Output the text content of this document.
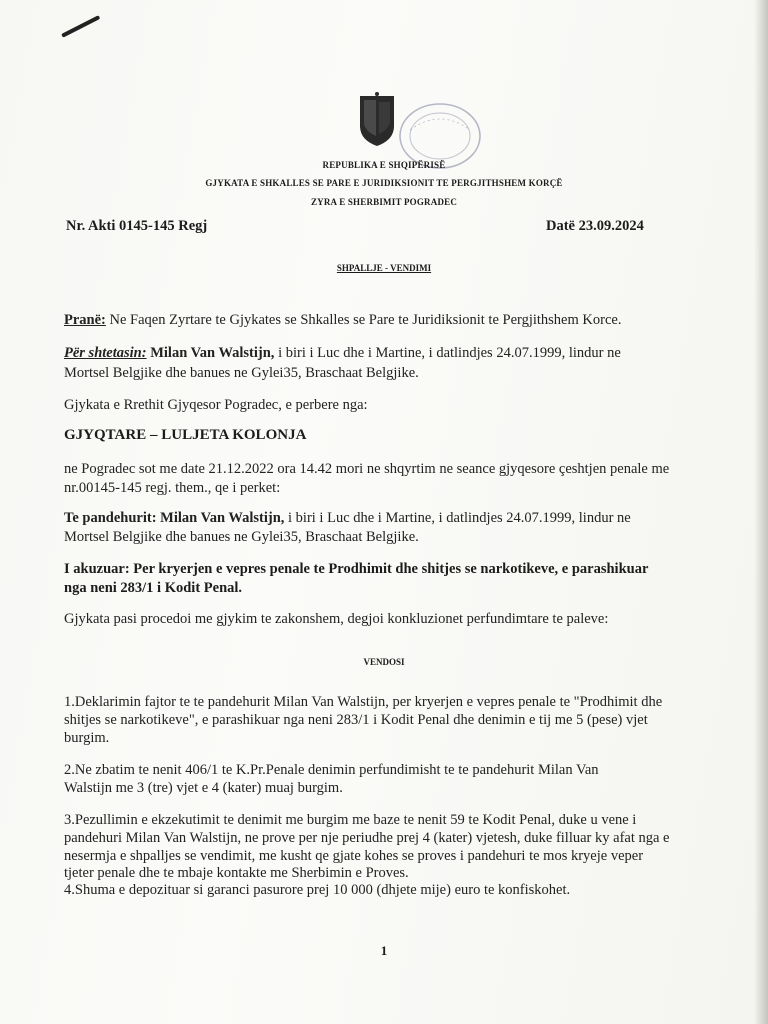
REPUBLIKA E SHQIPËRISË
GJYKATA E SHKALLES SE PARE E JURIDIKSIONIT TE PERGJITHSHEM KORÇË
ZYRA E SHERBIMIT POGRADEC
Nr. Akti 0145-145 Regj	Datë 23.09.2024
SHPALLJE - VENDIMI
Pranë: Ne Faqen Zyrtare te Gjykates se Shkalles se Pare te Juridiksionit te Pergjithshem Korce.
Për shtetasin: Milan Van Walstijn, i biri i Luc dhe i Martine, i datlindjes 24.07.1999, lindur ne
Mortsel Belgjike dhe banues ne Gylei35, Braschaat Belgjike.
Gjykata e Rrethit Gjyqesor Pogradec, e perbere nga:
GJYQTARE – LULJETA KOLONJA
ne Pogradec sot me date 21.12.2022 ora 14.42 mori ne shqyrtim ne seance gjyqesore çeshtjen penale me
nr.00145-145 regj. them., qe i perket:
Te pandehurit: Milan Van Walstijn, i biri i Luc dhe i Martine, i datlindjes 24.07.1999, lindur ne
Mortsel Belgjike dhe banues ne Gylei35, Braschaat Belgjike.
I akuzuar: Per kryerjen e vepres penale te Prodhimit dhe shitjes se narkotikeve, e parashikuar
nga neni 283/1 i Kodit Penal.
Gjykata pasi procedoi me gjykim te zakonshem, degjoi konkluzionet perfundimtare te paleve:
VENDOSI
1.Deklarimin fajtor te te pandehurit Milan Van Walstijn, per kryerjen e vepres penale te "Prodhimit dhe
shitjes se narkotikeve", e parashikuar nga neni 283/1 i Kodit Penal dhe denimin e tij me 5 (pese) vjet
burgim.
2.Ne zbatim te nenit 406/1 te K.Pr.Penale denimin perfundimisht te te pandehurit Milan Van
Walstijn me 3 (tre) vjet e 4 (kater) muaj burgim.
3.Pezullimin e ekzekutimit te denimit me burgim me baze te nenit 59 te Kodit Penal, duke u vene i
pandehuri Milan Van Walstijn, ne prove per nje periudhe prej 4 (kater) vjetesh, duke filluar ky afat nga e
nesermja e shpalljes se vendimit, me kusht qe gjate kohes se proves i pandehuri te mos kryeje veper
tjeter penale dhe te mbaje kontakte me Sherbimin e Proves.
4.Shuma e depozituar si garanci pasurore prej 10 000 (dhjete mije) euro te konfiskohet.
1
